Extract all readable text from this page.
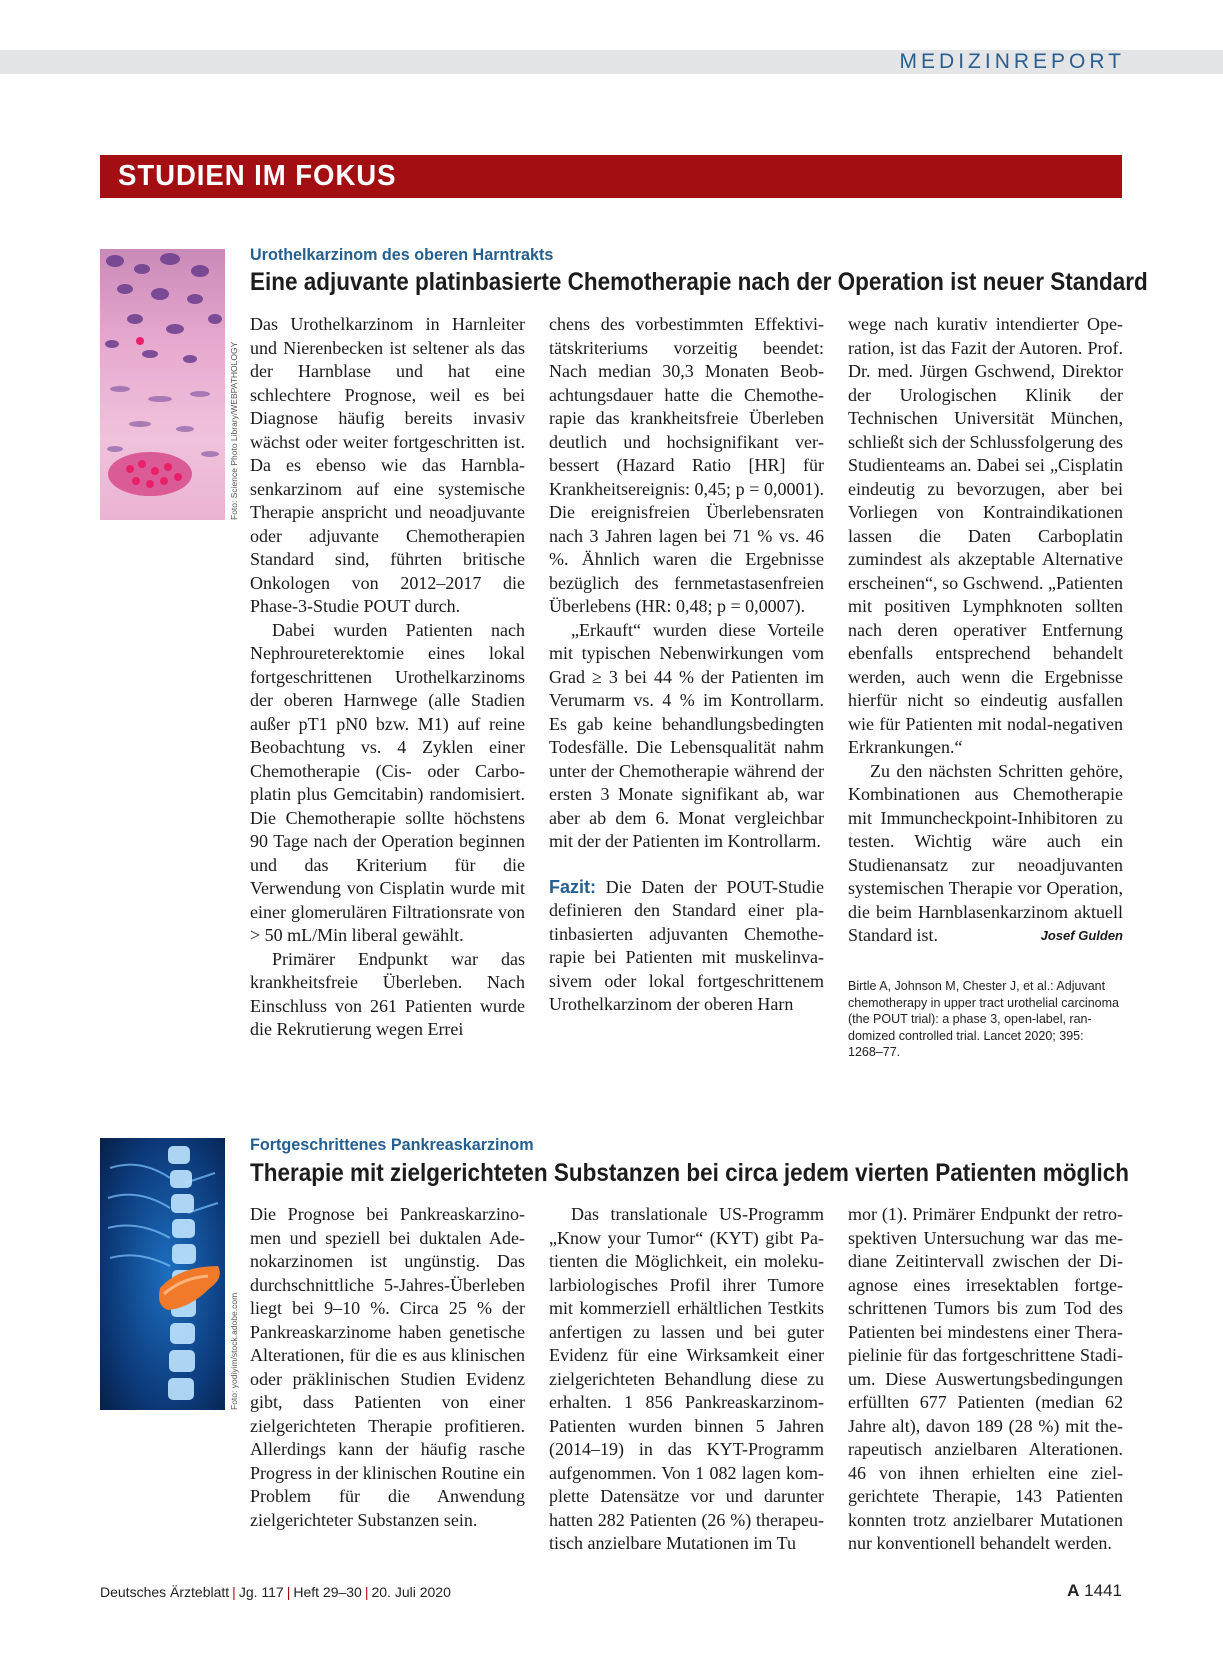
MEDIZINREPORT
STUDIEN IM FOKUS
Foto: Science Photo Library/WEBPATHOLOGY
Urothelkarzinom des oberen Harntrakts
Eine adjuvante platinbasierte Chemotherapie nach der Operation ist neuer Standard

Das Urothelkarzinom in Harnleiter und Nierenbecken ist seltener als das der Harnblase und hat eine schlechtere Prognose, weil es bei Diagnose häufig bereits invasiv wächst oder weiter fortgeschritten ist. Da es ebenso wie das Harnblasenkarzinom auf eine systemische Therapie anspricht und neoadjuvante oder adjuvante Chemotherapien Standard sind, führten britische Onkologen von 2012–2017 die Phase-3-Studie POUT durch.

Dabei wurden Patienten nach Nephroureterektomie eines lokal fortgeschrittenen Urothelkarzinoms der oberen Harnwege (alle Stadien außer pT1 pN0 bzw. M1) auf reine Beobachtung vs. 4 Zyklen einer Chemotherapie (Cis- oder Carboplatin plus Gemcitabin) randomisiert. Die Chemotherapie sollte höchstens 90 Tage nach der Operation beginnen und das Kriterium für die Verwendung von Cisplatin wurde mit einer glomerulären Filtrationsrate von > 50 mL/Min liberal gewählt.

Primärer Endpunkt war das krankheitsfreie Überleben. Nach Einschluss von 261 Patienten wurde die Rekrutierung wegen Errei

chens des vorbestimmten Effektivitätskriteriums vorzeitig beendet: Nach median 30,3 Monaten Beobachtungsdauer hatte die Chemotherapie das krankheitsfreie Überleben deutlich und hochsignifikant verbessert (Hazard Ratio [HR] für Krankheitsereignis: 0,45; p = 0,0001). Die ereignisfreien Überlebensraten nach 3 Jahren lagen bei 71 % vs. 46 %. Ähnlich waren die Ergebnisse bezüglich des fernmetastasenfreien Überlebens (HR: 0,48; p = 0,0007).

„Erkauft“ wurden diese Vorteile mit typischen Nebenwirkungen vom Grad ≥ 3 bei 44 % der Patienten im Verumarm vs. 4 % im Kontrollarm. Es gab keine behandlungsbedingten Todesfälle. Die Lebensqualität nahm unter der Chemotherapie während der ersten 3 Monate signifikant ab, war aber ab dem 6. Monat vergleichbar mit der der Patienten im Kontrollarm.

Fazit: Die Daten der POUT-Studie definieren den Standard einer platinbasierten adjuvanten Chemotherapie bei Patienten mit muskelinvasivem oder lokal fortgeschrittenem Urothelkarzinom der oberen Harn

wege nach kurativ intendierter Operation, ist das Fazit der Autoren. Prof. Dr. med. Jürgen Gschwend, Direktor der Urologischen Klinik der Technischen Universität München, schließt sich der Schlussfolgerung des Studienteams an. Dabei sei „Cisplatin eindeutig zu bevorzugen, aber bei Vorliegen von Kontraindikationen lassen die Daten Carboplatin zumindest als akzeptable Alternative erscheinen“, so Gschwend. „Patienten mit positiven Lymphknoten sollten nach deren operativer Entfernung ebenfalls entsprechend behandelt werden, auch wenn die Ergebnisse hierfür nicht so eindeutig ausfallen wie für Patienten mit nodal-negativen Erkrankungen.“

Zu den nächsten Schritten gehöre, Kombinationen aus Chemotherapie mit Immuncheckpoint-Inhibitoren zu testen. Wichtig wäre auch ein Studienansatz zur neoadjuvanten systemischen Therapie vor Operation, die beim Harnblasenkarzinom aktuell Standard ist.	Josef Gulden

Birtle A, Johnson M, Chester J, et al.: Adjuvant chemotherapy in upper tract urothelial carcinoma (the POUT trial): a phase 3, open-label, randomized controlled trial. Lancet 2020; 395: 1268–77.
Foto: yodiyim/stock.adobe.com
Fortgeschrittenes Pankreaskarzinom
Therapie mit zielgerichteten Substanzen bei circa jedem vierten Patienten möglich

Die Prognose bei Pankreaskarzinomen und speziell bei duktalen Adenokarzinomen ist ungünstig. Das durchschnittliche 5-Jahres-Überleben liegt bei 9–10 %. Circa 25 % der Pankreaskarzinome haben genetische Alterationen, für die es aus klinischen oder präklinischen Studien Evidenz gibt, dass Patienten von einer zielgerichteten Therapie profitieren. Allerdings kann der häufig rasche Progress in der klinischen Routine ein Problem für die Anwendung zielgerichteter Substanzen sein.

Das translationale US-Programm „Know your Tumor“ (KYT) gibt Patienten die Möglichkeit, ein molekularbiologisches Profil ihrer Tumore mit kommerziell erhältlichen Testkits anfertigen zu lassen und bei guter Evidenz für eine Wirksamkeit einer zielgerichteten Behandlung diese zu erhalten. 1 856 Pankreaskarzinom-Patienten wurden binnen 5 Jahren (2014–19) in das KYT-Programm aufgenommen. Von 1 082 lagen komplette Datensätze vor und darunter hatten 282 Patienten (26 %) therapeutisch anzielbare Mutationen im Tu

mor (1). Primärer Endpunkt der retrospektiven Untersuchung war das mediane Zeitintervall zwischen der Diagnose eines irresektablen fortgeschrittenen Tumors bis zum Tod des Patienten bei mindestens einer Therapielinie für das fortgeschrittene Stadium. Diese Auswertungsbedingungen erfüllten 677 Patienten (median 62 Jahre alt), davon 189 (28 %) mit therapeutisch anzielbaren Alterationen. 46 von ihnen erhielten eine zielgerichtete Therapie, 143 Patienten konnten trotz anzielbarer Mutationen nur konventionell behandelt werden.

Deutsches Ärzteblatt | Jg. 117 | Heft 29–30 | 20. Juli 2020	A 1441
